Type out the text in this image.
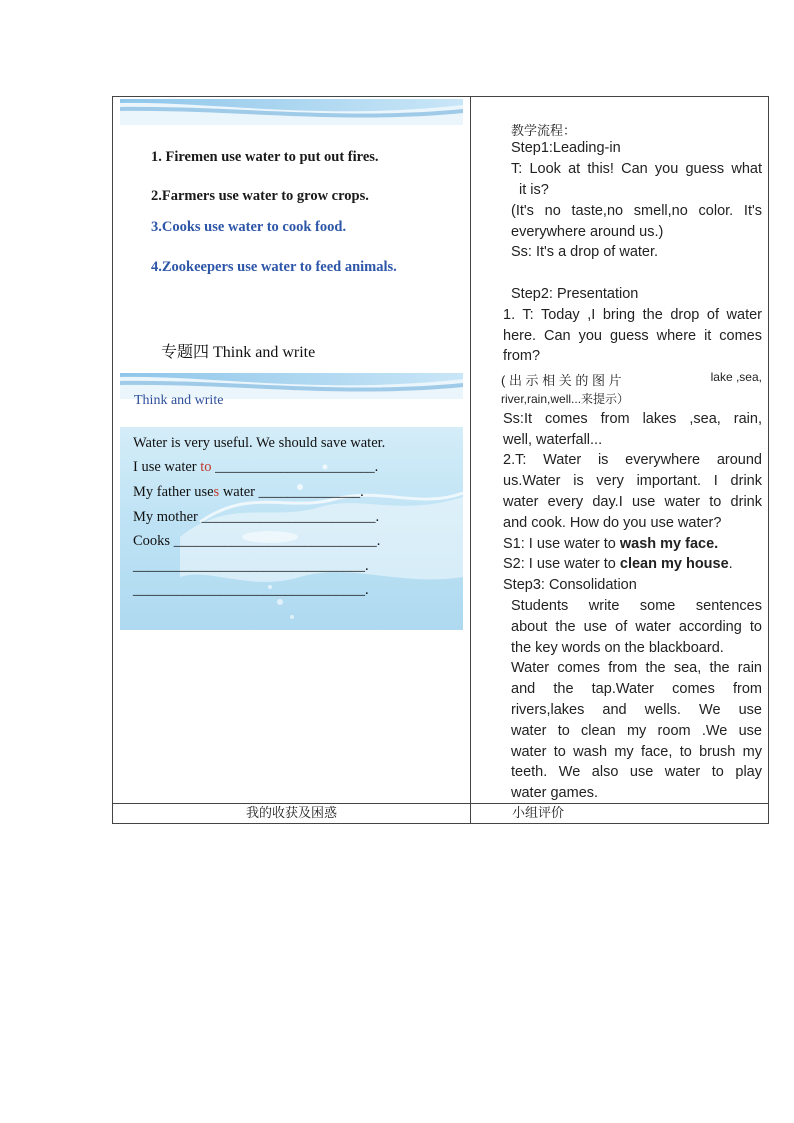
1. Firemen use water to put out fires.
2.Farmers use water to grow crops.
3.Cooks use water to cook food.
4.Zookeepers use water to feed animals.
专题四 Think and write
Think and write
Water is very useful. We should save water.
I use water to ______________________.
My father uses water ______________.
My mother ________________________.
Cooks ____________________________.
________________________________.
________________________________.
教学流程：
Step1:Leading-in
T: Look at this! Can you guess what
it is?
(It's no taste,no smell,no color. It's
everywhere around us.)
Ss: It's a drop of water.
Step2: Presentation
1. T: Today ,I bring the drop of water
here. Can you guess where it comes
from?
( 出 示 相 关 的 图 片	lake ,sea,
river,rain,well...来提示）
Ss:It comes from lakes ,sea, rain,
well, waterfall...
2.T: Water is everywhere around
us.Water is very important. I drink
water every day.I use water to drink
and cook. How do you use water?
S1: I use water to wash my face.
S2: I use water to clean my house.
Step3: Consolidation
Students write some sentences
about the use of water according to
the key words on the blackboard.
Water comes from the sea, the rain
and the tap.Water comes from
rivers,lakes and wells. We use
water to clean my room .We use
water to wash my face, to brush my
teeth. We also use water to play
water games.
我的收获及困惑	小组评价
